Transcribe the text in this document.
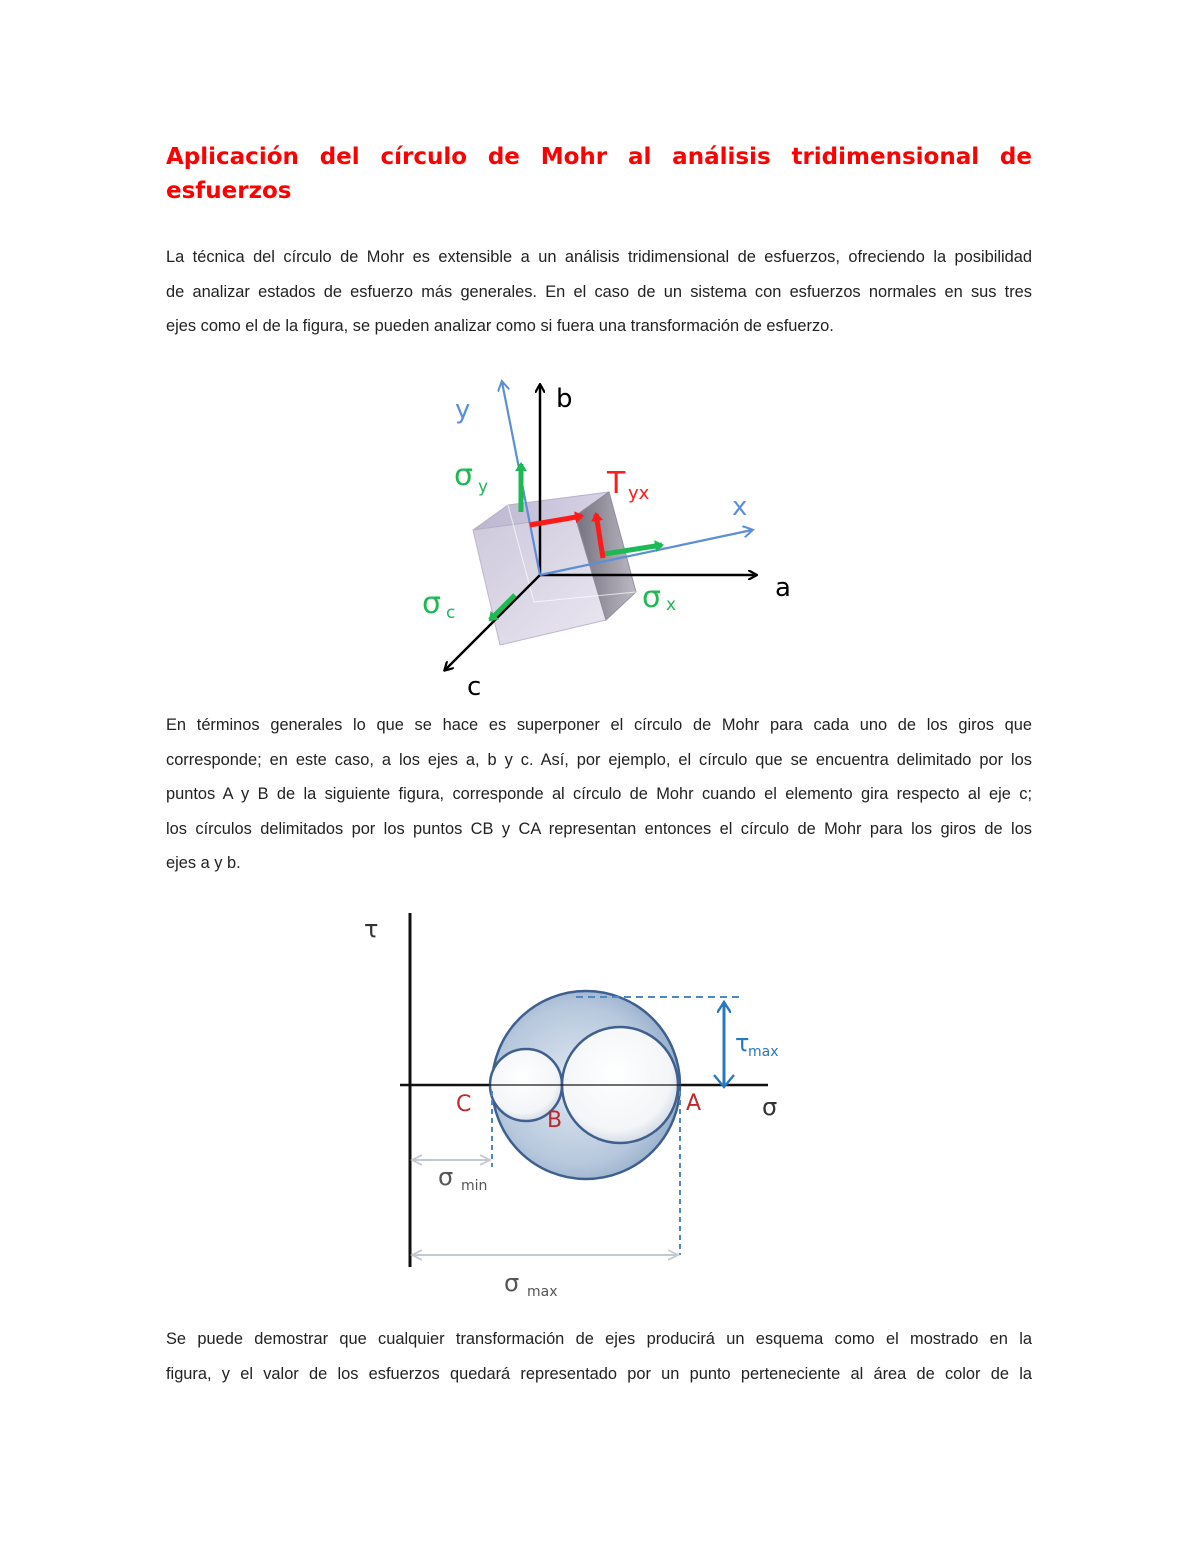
Aplicación del círculo de Mohr al análisis tridimensional de
esfuerzos

La técnica del círculo de Mohr es extensible a un análisis tridimensional de esfuerzos, ofreciendo la posibilidad
de analizar estados de esfuerzo más generales. En el caso de un sistema con esfuerzos normales en sus tres
ejes como el de la figura, se pueden analizar como si fuera una transformación de esfuerzo.

b
a
c
y
x
σ y
σ x
σ c
T yx

En términos generales lo que se hace es superponer el círculo de Mohr para cada uno de los giros que
corresponde; en este caso, a los ejes a, b y c. Así, por ejemplo, el círculo que se encuentra delimitado por los
puntos A y B de la siguiente figura, corresponde al círculo de Mohr cuando el elemento gira respecto al eje c;
los círculos delimitados por los puntos CB y CA representan entonces el círculo de Mohr para los giros de los
ejes a y b.

τ
σ
C
B
A
τ
max
σ min
σ max

Se puede demostrar que cualquier transformación de ejes producirá un esquema como el mostrado en la
figura, y el valor de los esfuerzos quedará representado por un punto perteneciente al área de color de la
